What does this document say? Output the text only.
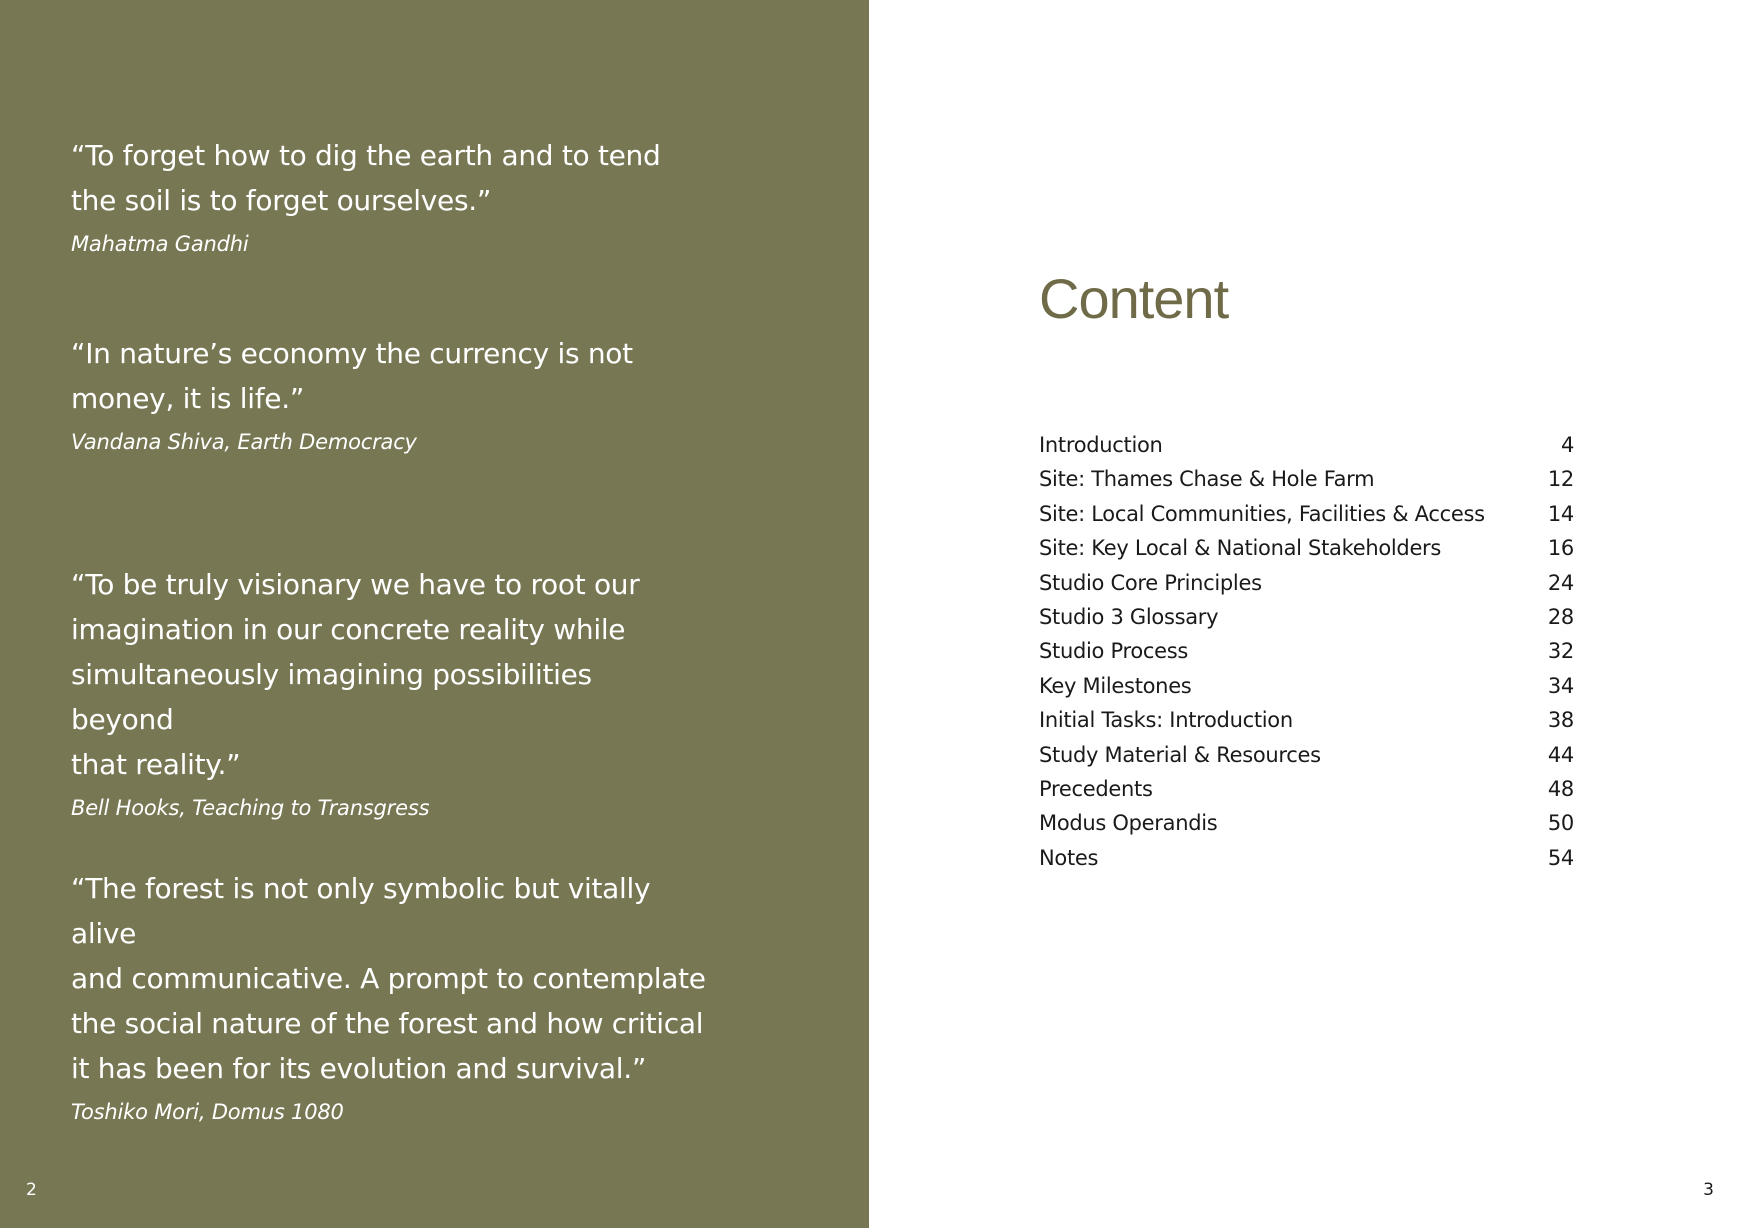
“To forget how to dig the earth and to tend
the soil is to forget ourselves.”

Mahatma Gandhi

“In nature’s economy the currency is not
money, it is life.”

Vandana Shiva, Earth Democracy

“To be truly visionary we have to root our
imagination in our concrete reality while
simultaneously imagining possibilities beyond
that reality.”

Bell Hooks, Teaching to Transgress

“The forest is not only symbolic but vitally alive
and communicative. A prompt to contemplate
the social nature of the forest and how critical
it has been for its evolution and survival.”

Toshiko Mori, Domus 1080
2
Content
Introduction	4
Site: Thames Chase & Hole Farm	12
Site: Local Communities, Facilities & Access	14
Site: Key Local & National Stakeholders	16
Studio Core Principles	24
Studio 3 Glossary	28
Studio Process	32
Key Milestones	34
Initial Tasks: Introduction	38
Study Material & Resources	44
Precedents	48
Modus Operandis	50
Notes	54
3
